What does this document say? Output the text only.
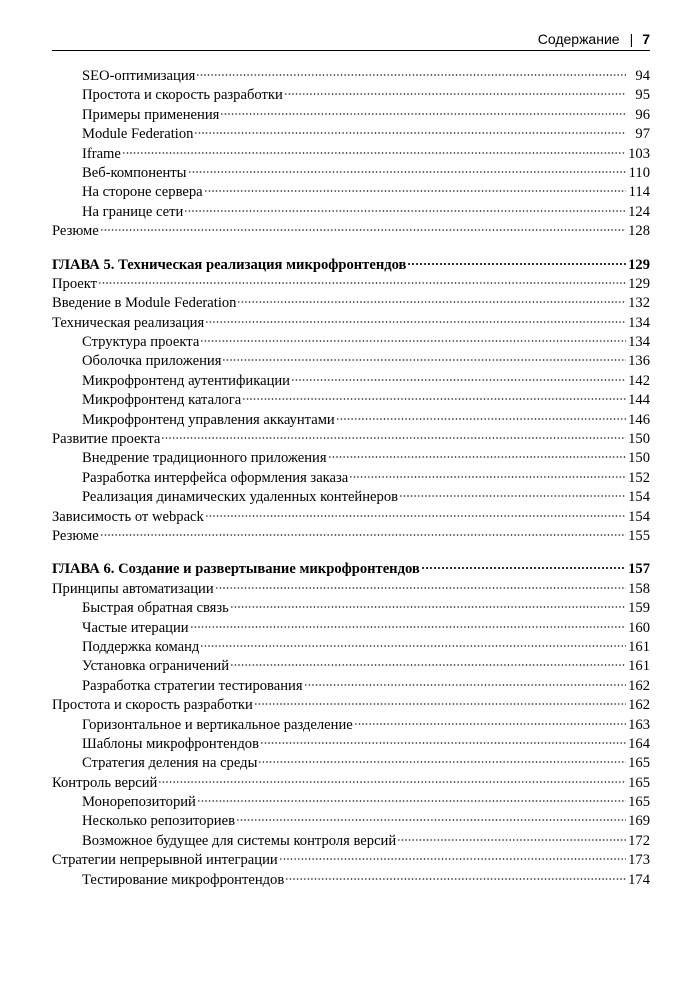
Содержание | 7
SEO-оптимизация	94
Простота и скорость разработки	95
Примеры применения	96
Module Federation	97
Iframe	103
Веб-компоненты	110
На стороне сервера	114
На границе сети	124
Резюме	128
ГЛАВА 5. Техническая реализация микрофронтендов	129
Проект	129
Введение в Module Federation	132
Техническая реализация	134
Структура проекта	134
Оболочка приложения	136
Микрофронтенд аутентификации	142
Микрофронтенд каталога	144
Микрофронтенд управления аккаунтами	146
Развитие проекта	150
Внедрение традиционного приложения	150
Разработка интерфейса оформления заказа	152
Реализация динамических удаленных контейнеров	154
Зависимость от webpack	154
Резюме	155
ГЛАВА 6. Создание и развертывание микрофронтендов	157
Принципы автоматизации	158
Быстрая обратная связь	159
Частые итерации	160
Поддержка команд	161
Установка ограничений	161
Разработка стратегии тестирования	162
Простота и скорость разработки	162
Горизонтальное и вертикальное разделение	163
Шаблоны микрофронтендов	164
Стратегия деления на среды	165
Контроль версий	165
Монорепозиторий	165
Несколько репозиториев	169
Возможное будущее для системы контроля версий	172
Стратегии непрерывной интеграции	173
Тестирование микрофронтендов	174
